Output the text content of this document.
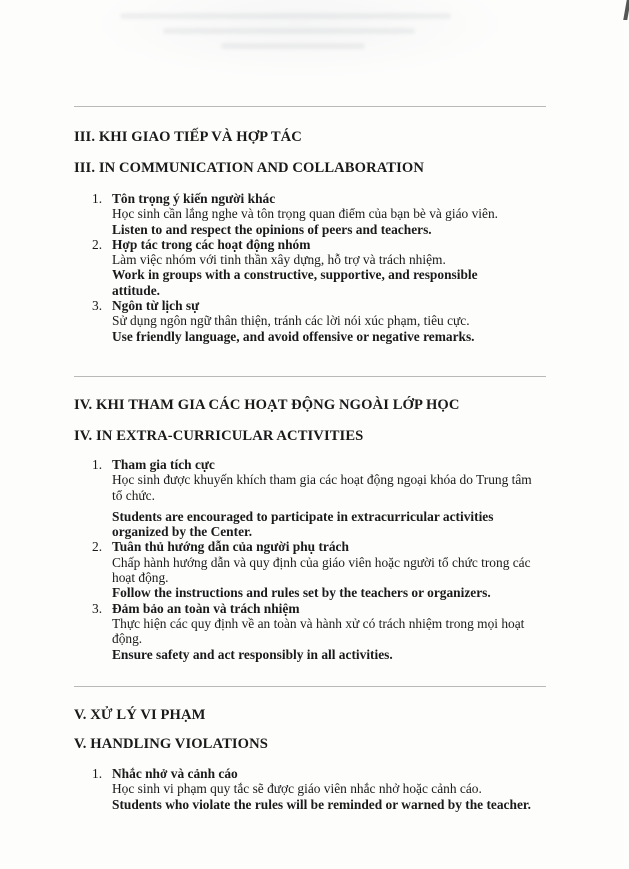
III. KHI GIAO TIẾP VÀ HỢP TÁC
III. IN COMMUNICATION AND COLLABORATION
1. Tôn trọng ý kiến người khác
Học sinh cần lắng nghe và tôn trọng quan điểm của bạn bè và giáo viên.
Listen to and respect the opinions of peers and teachers.
2. Hợp tác trong các hoạt động nhóm
Làm việc nhóm với tinh thần xây dựng, hỗ trợ và trách nhiệm.
Work in groups with a constructive, supportive, and responsible attitude.
3. Ngôn từ lịch sự
Sử dụng ngôn ngữ thân thiện, tránh các lời nói xúc phạm, tiêu cực.
Use friendly language, and avoid offensive or negative remarks.
IV. KHI THAM GIA CÁC HOẠT ĐỘNG NGOÀI LỚP HỌC
IV. IN EXTRA-CURRICULAR ACTIVITIES
1. Tham gia tích cực
Học sinh được khuyến khích tham gia các hoạt động ngoại khóa do Trung tâm tổ chức.
Students are encouraged to participate in extracurricular activities organized by the Center.
2. Tuân thủ hướng dẫn của người phụ trách
Chấp hành hướng dẫn và quy định của giáo viên hoặc người tổ chức trong các hoạt động.
Follow the instructions and rules set by the teachers or organizers.
3. Đảm bảo an toàn và trách nhiệm
Thực hiện các quy định về an toàn và hành xử có trách nhiệm trong mọi hoạt động.
Ensure safety and act responsibly in all activities.
V. XỬ LÝ VI PHẠM
V. HANDLING VIOLATIONS
1. Nhắc nhở và cảnh cáo
Học sinh vi phạm quy tắc sẽ được giáo viên nhắc nhở hoặc cảnh cáo.
Students who violate the rules will be reminded or warned by the teacher.
